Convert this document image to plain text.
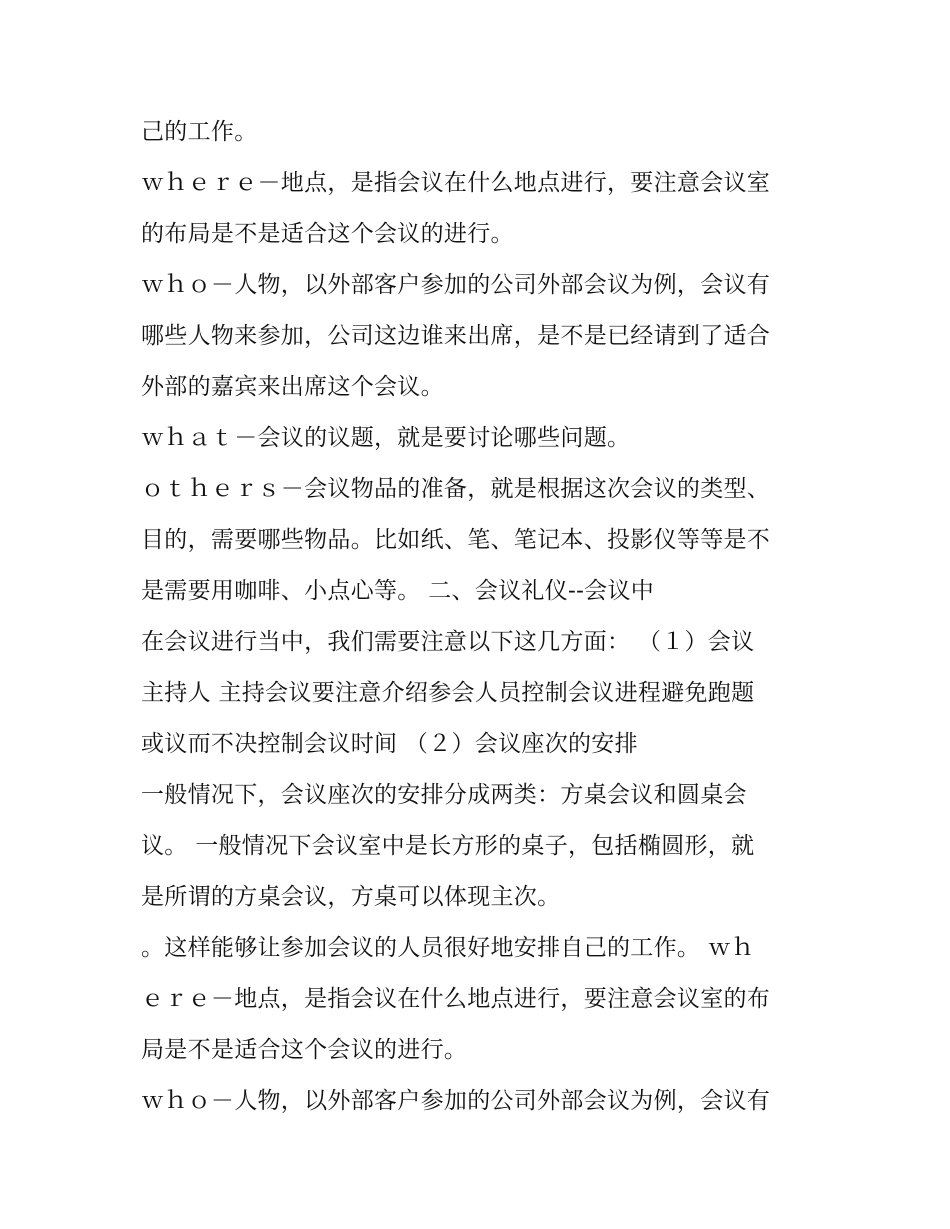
己的工作。
ｗｈｅｒｅ－地点，是指会议在什么地点进行，要注意会议室
的布局是不是适合这个会议的进行。
ｗｈｏ－人物，以外部客户参加的公司外部会议为例，会议有
哪些人物来参加，公司这边谁来出席，是不是已经请到了适合
外部的嘉宾来出席这个会议。
ｗｈａｔ－会议的议题，就是要讨论哪些问题。
ｏｔｈｅｒｓ－会议物品的准备，就是根据这次会议的类型、
目的，需要哪些物品。比如纸、笔、笔记本、投影仪等等是不
是需要用咖啡、小点心等。 二、会议礼仪--会议中
在会议进行当中，我们需要注意以下这几方面： （１）会议
主持人 主持会议要注意介绍参会人员控制会议进程避免跑题
或议而不决控制会议时间 （２）会议座次的安排
一般情况下，会议座次的安排分成两类：方桌会议和圆桌会
议。 一般情况下会议室中是长方形的桌子，包括椭圆形，就
是所谓的方桌会议，方桌可以体现主次。
。这样能够让参加会议的人员很好地安排自己的工作。 ｗｈ
ｅｒｅ－地点，是指会议在什么地点进行，要注意会议室的布
局是不是适合这个会议的进行。
ｗｈｏ－人物，以外部客户参加的公司外部会议为例，会议有
